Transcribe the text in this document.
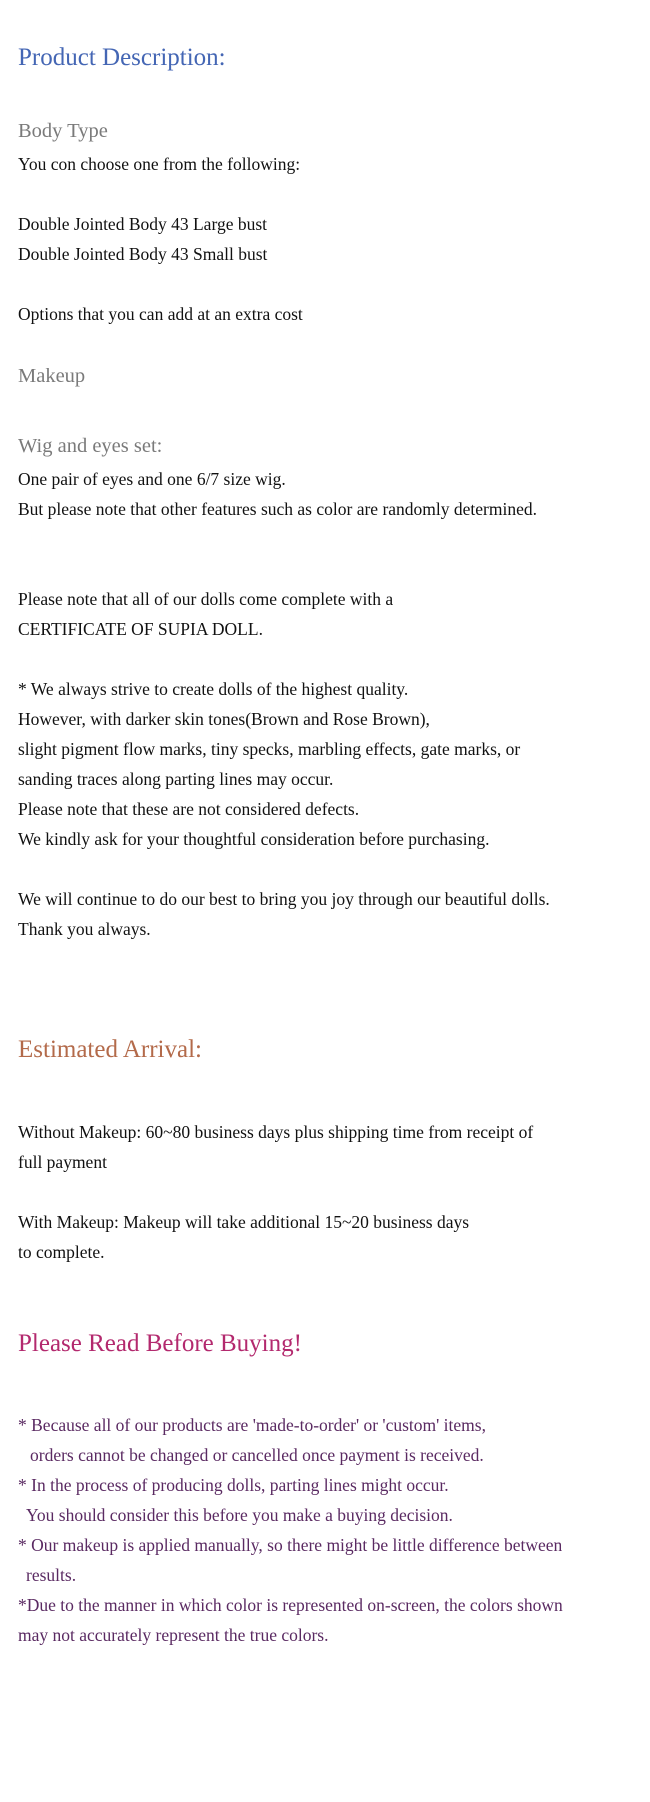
Product Description:
Body Type
You con choose one from the following:
Double Jointed Body 43 Large bust
Double Jointed Body 43 Small bust
Options that you can add at an extra cost
Makeup
Wig and eyes set:
One pair of eyes and one 6/7 size wig.
But please note that other features such as color are randomly determined.
Please note that all of our dolls come complete with a
CERTIFICATE OF SUPIA DOLL.
* We always strive to create dolls of the highest quality.
However, with darker skin tones(Brown and Rose Brown),
slight pigment flow marks, tiny specks, marbling effects, gate marks, or
sanding traces along parting lines may occur.
Please note that these are not considered defects.
We kindly ask for your thoughtful consideration before purchasing.
We will continue to do our best to bring you joy through our beautiful dolls.
Thank you always.
Estimated Arrival:
Without Makeup: 60~80 business days plus shipping time from receipt of
full payment
With Makeup: Makeup will take additional 15~20 business days
to complete.
Please Read Before Buying!
* Because all of our products are 'made-to-order' or 'custom' items,
orders cannot be changed or cancelled once payment is received.
* In the process of producing dolls, parting lines might occur.
You should consider this before you make a buying decision.
* Our makeup is applied manually, so there might be little difference between
results.
*Due to the manner in which color is represented on-screen, the colors shown
may not accurately represent the true colors.
